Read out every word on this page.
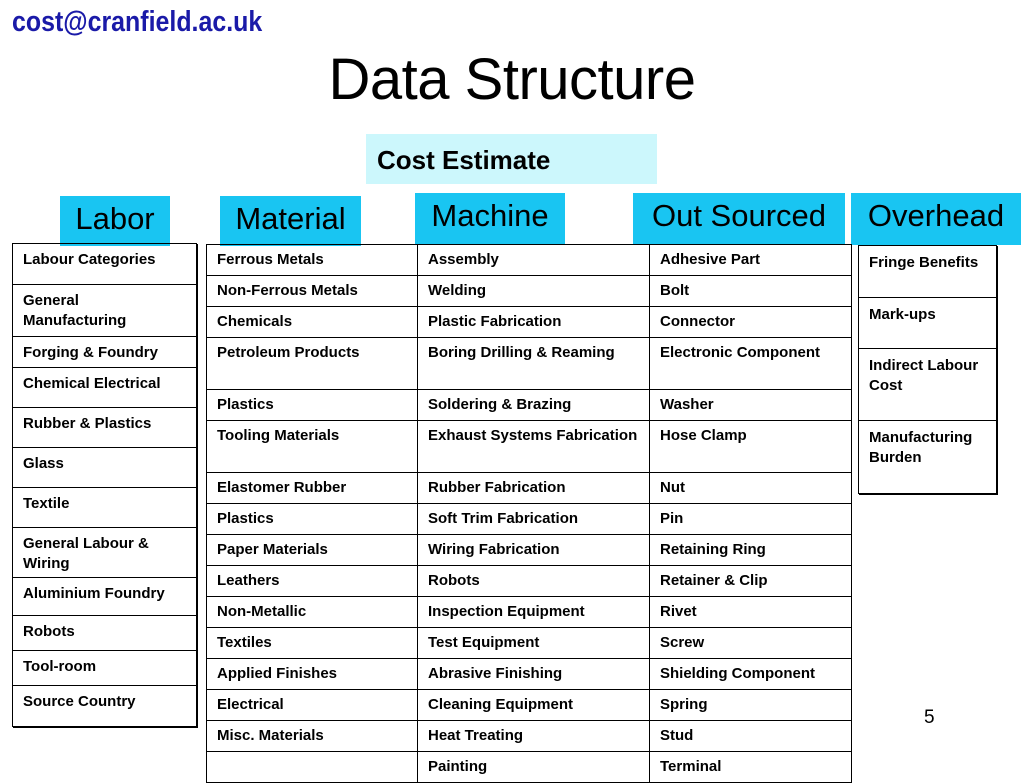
cost@cranfield.ac.uk
Data Structure
Cost Estimate
Labor	Material	Machine	Out Sourced	Overhead
Labour Categories
General Manufacturing
Forging & Foundry
Chemical Electrical
Rubber & Plastics
Glass
Textile
General Labour & Wiring
Aluminium Foundry
Robots
Tool-room
Source Country
Ferrous Metals	Assembly	Adhesive Part
Non-Ferrous Metals	Welding	Bolt
Chemicals	Plastic Fabrication	Connector
Petroleum Products	Boring Drilling & Reaming	Electronic Component
Plastics	Soldering & Brazing	Washer
Tooling Materials	Exhaust Systems Fabrication	Hose Clamp
Elastomer Rubber	Rubber Fabrication	Nut
Plastics	Soft Trim Fabrication	Pin
Paper Materials	Wiring Fabrication	Retaining Ring
Leathers	Robots	Retainer & Clip
Non-Metallic	Inspection Equipment	Rivet
Textiles	Test Equipment	Screw
Applied Finishes	Abrasive Finishing	Shielding Component
Electrical	Cleaning Equipment	Spring
Misc. Materials	Heat Treating	Stud
	Painting	Terminal
Fringe Benefits
Mark-ups
Indirect Labour Cost
Manufacturing Burden
5
